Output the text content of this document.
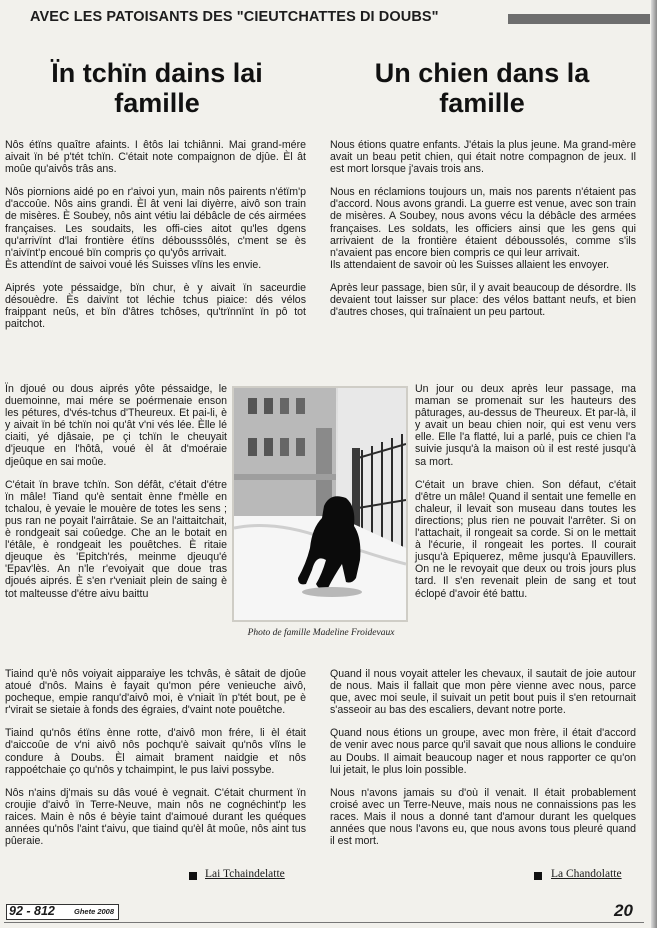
AVEC LES PATOISANTS DES "CIEUTCHATTES DI DOUBS"
Ïn tchïn dains lai famille
Un chien dans la famille

Nôs étïns quaître afaints. I êtôs lai tchiânni. Mai grand-mére aivait ïn bé p'tét tchïn. C'était note compaignon de djûe. Èl ât moûe qu'aivôs trâs ans.

Nôs piornions aidé po en r'aivoi yun, main nôs pairents n'étïm'p d'accoûe. Nôs ains grandi. Èl ât veni lai diyèrre, aivô son train de misères. È Soubey, nôs aint vétiu lai débâcle de cés airmées françaises. Les soudaits, les offi-cies aitot qu'les dgens qu'arrivïnt d'lai frontière étïns débousssôlés, c'ment se ès n'aivïnt'p encoué bïn compris ço qu'yôs arrivait.

Ès attendïnt de saivoi voué lés Suisses vlïns les envie.

Aiprés yote péssaidge, bïn chur, è y aivait ïn saceurdie désouèdre. Ès daivïnt tot léchie tchus piaice: dés vélos fraippant neûs, et bïn d'âtres tchôses, qu'trïnnïnt ïn pô tot paitchot.

Nous étions quatre enfants. J'étais la plus jeune. Ma grand-mère avait un beau petit chien, qui était notre compagnon de jeux. Il est mort lorsque j'avais trois ans.

Nous en réclamions toujours un, mais nos parents n'étaient pas d'accord. Nous avons grandi. La guerre est venue, avec son train de misères. A Soubey, nous avons vécu la débâcle des armées françaises. Les soldats, les officiers ainsi que les gens qui arrivaient de la frontière étaient déboussolés, comme s'ils n'avaient pas encore bien compris ce qui leur arrivait.

Ils attendaient de savoir où les Suisses allaient les envoyer.

Après leur passage, bien sûr, il y avait beaucoup de désordre. Ils devaient tout laisser sur place: des vélos battant neufs, et bien d'autres choses, qui traînaient un peu partout.

Ïn djoué ou dous aiprés yôte péssaidge, le duemoinne, mai mére se poérmenaie enson les pétures, d'vés-tchus d'Theureux. Et pai-li, è y aivait ïn bé tchïn noi qu'ât v'ni vés lée. Èlle lé ciaiti, yé djâsaie, pe çi tchïn le cheuyait d'jeuque en l'hôtâ, voué èl ât d'moéraie djeûque en sai moûe.

C'était ïn brave tchïn. Son défât, c'était d'étre ïn mâle! Tiand qu'è sentait ènne f'mèlle en tchalou, è yevaie le mouère de totes les sens ; pus ran ne poyait l'airrâtaie. Se an l'aittaitchait, è rondgeait sai coûedge. Che an le botait en l'étâle, è rondgeait les pouêtches. È ritaie djeuque ès 'Epitch'rés, meinme djeuqu'é 'Epav'lès. An n'le r'evoiyait que doue tras djoués aiprés. È s'en r'veniait plein de saing è tot malteusse d'étre aivu baittu

Photo de famille Madeline Froidevaux

Un jour ou deux après leur passage, ma maman se promenait sur les hauteurs des pâturages, au-dessus de Theureux. Et par-là, il y avait un beau chien noir, qui est venu vers elle. Elle l'a flatté, lui a parlé, puis ce chien l'a suivie jusqu'à la maison où il est resté jusqu'à sa mort.

C'était un brave chien. Son défaut, c'était d'être un mâle! Quand il sentait une femelle en chaleur, il levait son museau dans toutes les directions; plus rien ne pouvait l'arrêter. Si on l'attachait, il rongeait sa corde. Si on le mettait à l'écurie, il rongeait les portes. Il courait jusqu'à Epiquerez, même jusqu'à Epauvillers. On ne le revoyait que deux ou trois jours plus tard. Il s'en revenait plein de sang et tout éclopé d'avoir été battu.

Tiaind qu'è nôs voiyait aipparaiye les tchvâs, è sâtait de djoûe atoué d'nôs. Mains è fayait qu'mon pére venieuche aivô, pocheque, empie ranqu'd'aivô moi, è v'niait ïn p'tét bout, pe è r'virait se sietaie à fonds des égraies, d'vaint note pouêtche.

Tiaind qu'nôs étïns ènne rotte, d'aivô mon frére, li èl était d'aiccoûe de v'ni aivô nôs pochqu'è saivait qu'nôs vlïns le condure à Doubs. Èl aimait brament naidgie et nôs rappoétchaie ço qu'nôs y tchaimpint, le pus laivi possybe.

Nôs n'ains dj'mais su dâs voué è vegnait. C'était churment ïn croujie d'aivô ïn Terre-Neuve, main nôs ne cognéchint'p les raices. Main è nôs é bèyie taint d'aimoué durant les quéques années qu'nôs l'aint t'aivu, que tiaind qu'èl ât moûe, nôs aint tus pûeraie.

Quand il nous voyait atteler les chevaux, il sautait de joie autour de nous. Mais il fallait que mon père vienne avec nous, parce que, avec moi seule, il suivait un petit bout puis il s'en retournait s'asseoir au bas des escaliers, devant notre porte.

Quand nous étions un groupe, avec mon frère, il était d'accord de venir avec nous parce qu'il savait que nous allions le conduire au Doubs. Il aimait beaucoup nager et nous rapporter ce qu'on lui jetait, le plus loin possible.

Nous n'avons jamais su d'où il venait. Il était probablement croisé avec un Terre-Neuve, mais nous ne connaissions pas les races. Mais il nous a donné tant d'amour durant les quelques années que nous l'avons eu, que nous avons tous pleuré quand il est mort.

Lai Tchaindelatte	La Chandolatte
92 - 812	Ghete 2008	20
